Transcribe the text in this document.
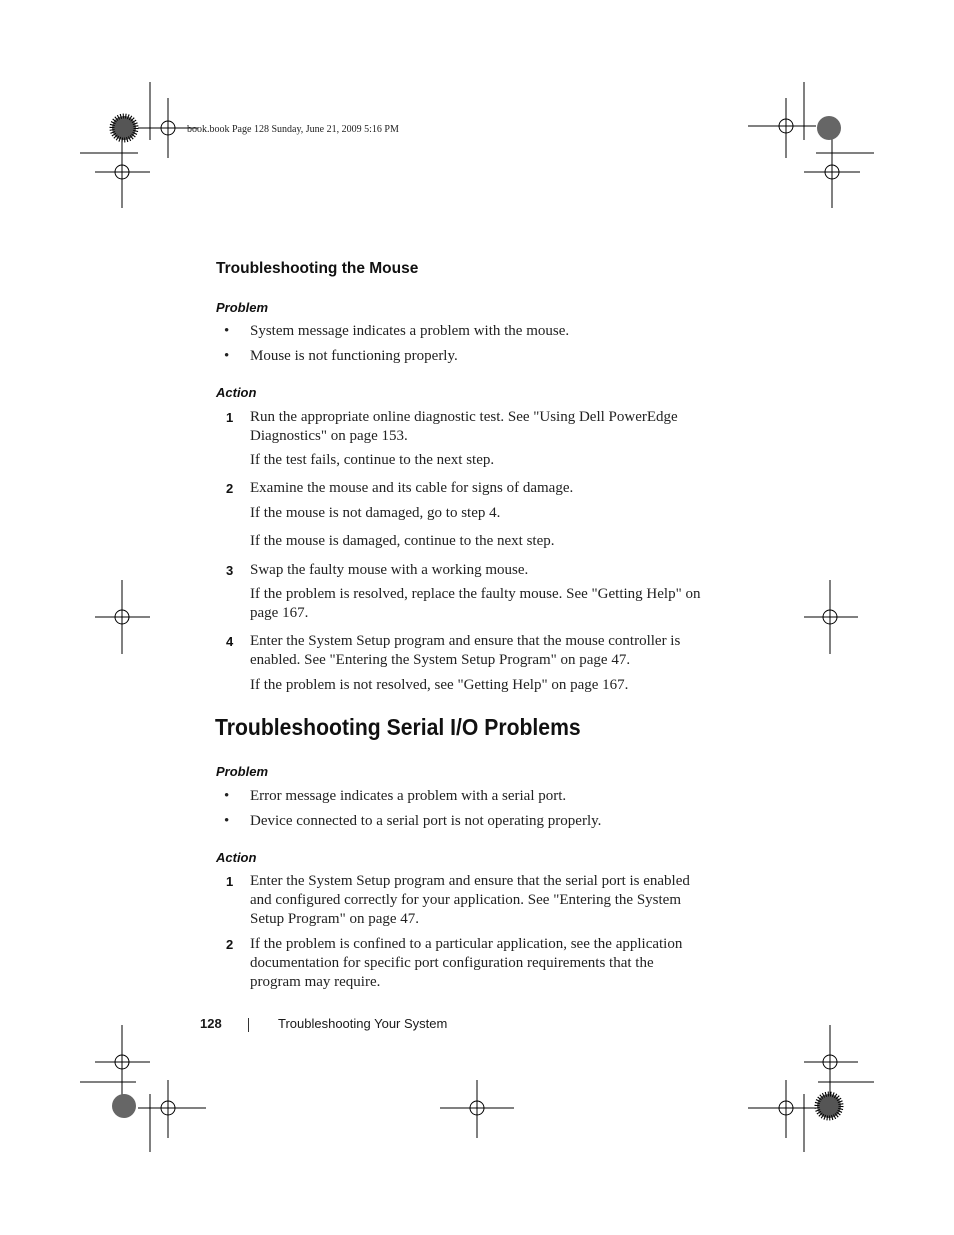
book.book Page 128 Sunday, June 21, 2009 5:16 PM
Troubleshooting the Mouse
Problem
• System message indicates a problem with the mouse.
• Mouse is not functioning properly.
Action
1 Run the appropriate online diagnostic test. See "Using Dell PowerEdge
Diagnostics" on page 153.
If the test fails, continue to the next step.
2 Examine the mouse and its cable for signs of damage.
If the mouse is not damaged, go to step 4.
If the mouse is damaged, continue to the next step.
3 Swap the faulty mouse with a working mouse.
If the problem is resolved, replace the faulty mouse. See "Getting Help" on
page 167.
4 Enter the System Setup program and ensure that the mouse controller is
enabled. See "Entering the System Setup Program" on page 47.
If the problem is not resolved, see "Getting Help" on page 167.
Troubleshooting Serial I/O Problems
Problem
• Error message indicates a problem with a serial port.
• Device connected to a serial port is not operating properly.
Action
1 Enter the System Setup program and ensure that the serial port is enabled
and configured correctly for your application. See "Entering the System
Setup Program" on page 47.
2 If the problem is confined to a particular application, see the application
documentation for specific port configuration requirements that the
program may require.
128	Troubleshooting Your System
